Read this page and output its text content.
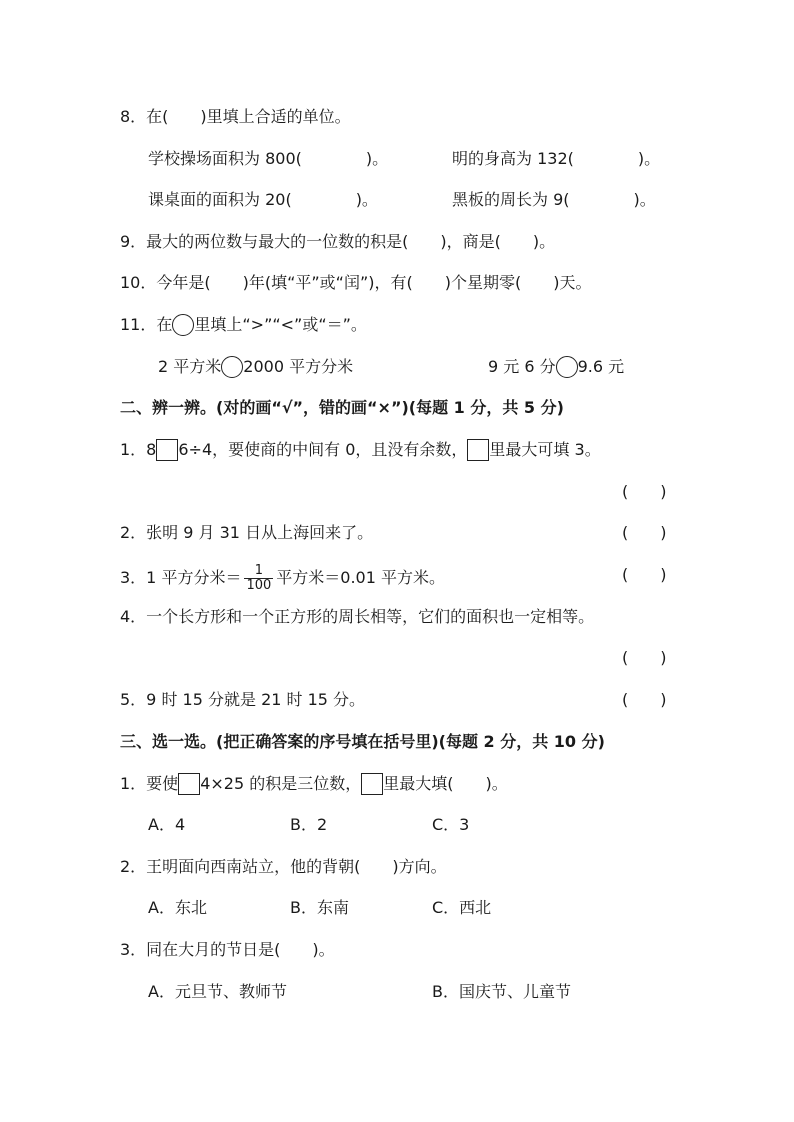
8．在(　　)里填上合适的单位。
学校操场面积为 800(　　　　)。	明的身高为 132(　　　　)。
课桌面的面积为 20(　　　　)。	黑板的周长为 9(　　　　)。
9．最大的两位数与最大的一位数的积是(　　)，商是(　　)。
10．今年是(　　)年(填“平”或“闰”)，有(　　)个星期零(　　)天。
11．在 里填上“>”“<”或“＝”。
2 平方米 2000 平方分米	9 元 6 分 9.6 元
二、辨一辨。(对的画“√”，错的画“×”)(每题 1 分，共 5 分)
1．8 6÷4，要使商的中间有 0，且没有余数， 里最大可填 3。
(　　)
2．张明 9 月 31 日从上海回来了。	(　　)
3．1 平方分米＝ $\frac{1}{100}$ 平方米＝0.01 平方米。	(　　)
4．一个长方形和一个正方形的周长相等，它们的面积也一定相等。
(　　)
5．9 时 15 分就是 21 时 15 分。	(　　)
三、选一选。(把正确答案的序号填在括号里)(每题 2 分，共 10 分)
1．要使 4×25 的积是三位数， 里最大填(　　)。
A．4	B．2	C．3
2．王明面向西南站立，他的背朝(　　)方向。
A．东北	B．东南	C．西北
3．同在大月的节日是(　　)。
A．元旦节、教师节	B．国庆节、儿童节
